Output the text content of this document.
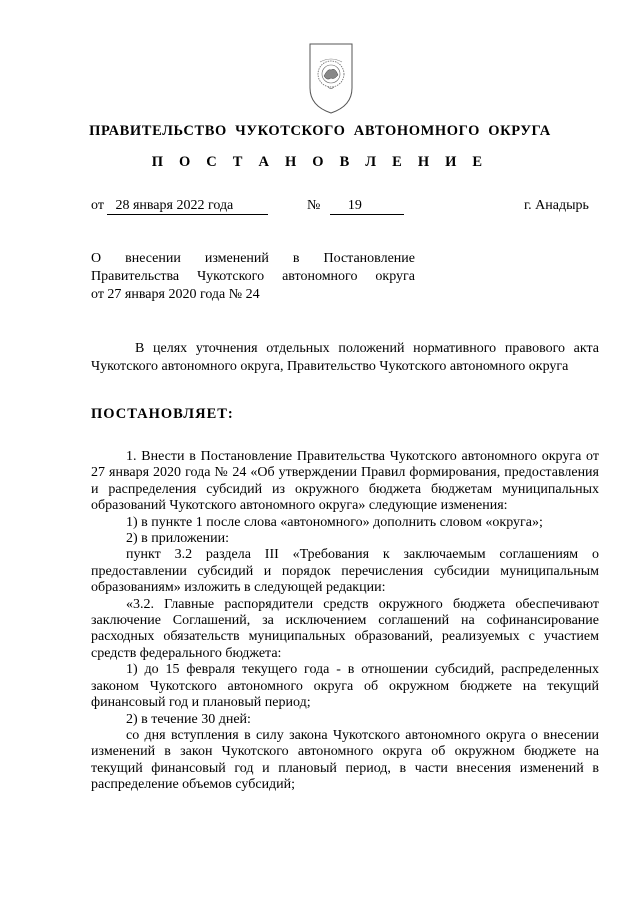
ПРАВИТЕЛЬСТВО ЧУКОТСКОГО АВТОНОМНОГО ОКРУГА
П О С Т А Н О В Л Е Н И Е
от 28 января 2022 года	№ 19	г. Анадырь
О внесении изменений в Постановление
Правительства Чукотского автономного округа
от 27 января 2020 года № 24
В целях уточнения отдельных положений нормативного правового акта Чукотского автономного округа, Правительство Чукотского автономного округа
ПОСТАНОВЛЯЕТ:

1. Внести в Постановление Правительства Чукотского автономного округа от 27 января 2020 года № 24 «Об утверждении Правил формирования, предоставления и распределения субсидий из окружного бюджета бюджетам муниципальных образований Чукотского автономного округа» следующие изменения:

1) в пункте 1 после слова «автономного» дополнить словом «округа»;

2) в приложении:

пункт 3.2 раздела III «Требования к заключаемым соглашениям о предоставлении субсидий и порядок перечисления субсидии муниципальным образованиям» изложить в следующей редакции:

«3.2. Главные распорядители средств окружного бюджета обеспечивают заключение Соглашений, за исключением соглашений на софинансирование расходных обязательств муниципальных образований, реализуемых с участием средств федерального бюджета:

1) до 15 февраля текущего года - в отношении субсидий, распределенных законом Чукотского автономного округа об окружном бюджете на текущий финансовый год и плановый период;

2) в течение 30 дней:

со дня вступления в силу закона Чукотского автономного округа о внесении изменений в закон Чукотского автономного округа об окружном бюджете на текущий финансовый год и плановый период, в части внесения изменений в распределение объемов субсидий;
